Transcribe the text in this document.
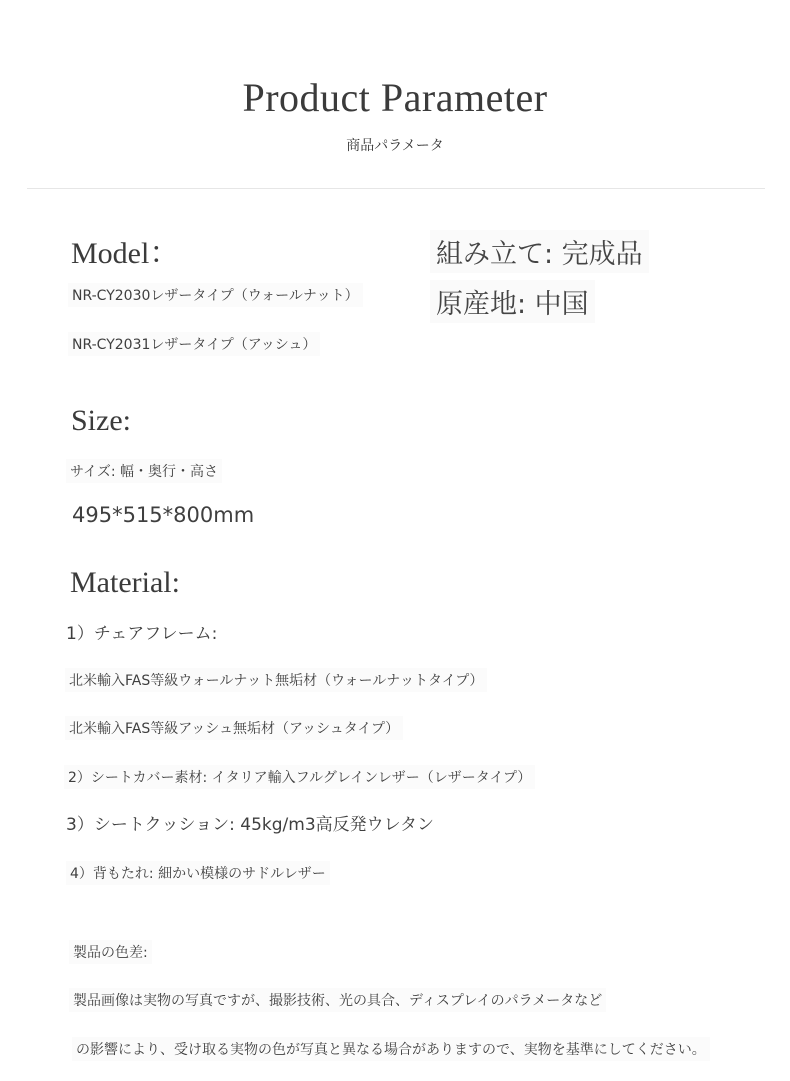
Product Parameter
商品パラメータ
Model：
NR-CY2030レザータイプ（ウォールナット）
NR-CY2031レザータイプ（アッシュ）
組み立て: 完成品
原産地: 中国
Size:
サイズ: 幅・奥行・高さ
495*515*800mm
Material:
1）チェアフレーム:
北米輸入FAS等級ウォールナット無垢材（ウォールナットタイプ）
北米輸入FAS等級アッシュ無垢材（アッシュタイプ）
2）シートカバー素材: イタリア輸入フルグレインレザー（レザータイプ）
3）シートクッション: 45kg/m3高反発ウレタン
4）背もたれ: 細かい模様のサドルレザー
製品の色差:
製品画像は実物の写真ですが、撮影技術、光の具合、ディスプレイのパラメータなど
の影響により、受け取る実物の色が写真と異なる場合がありますので、実物を基準にしてください。
